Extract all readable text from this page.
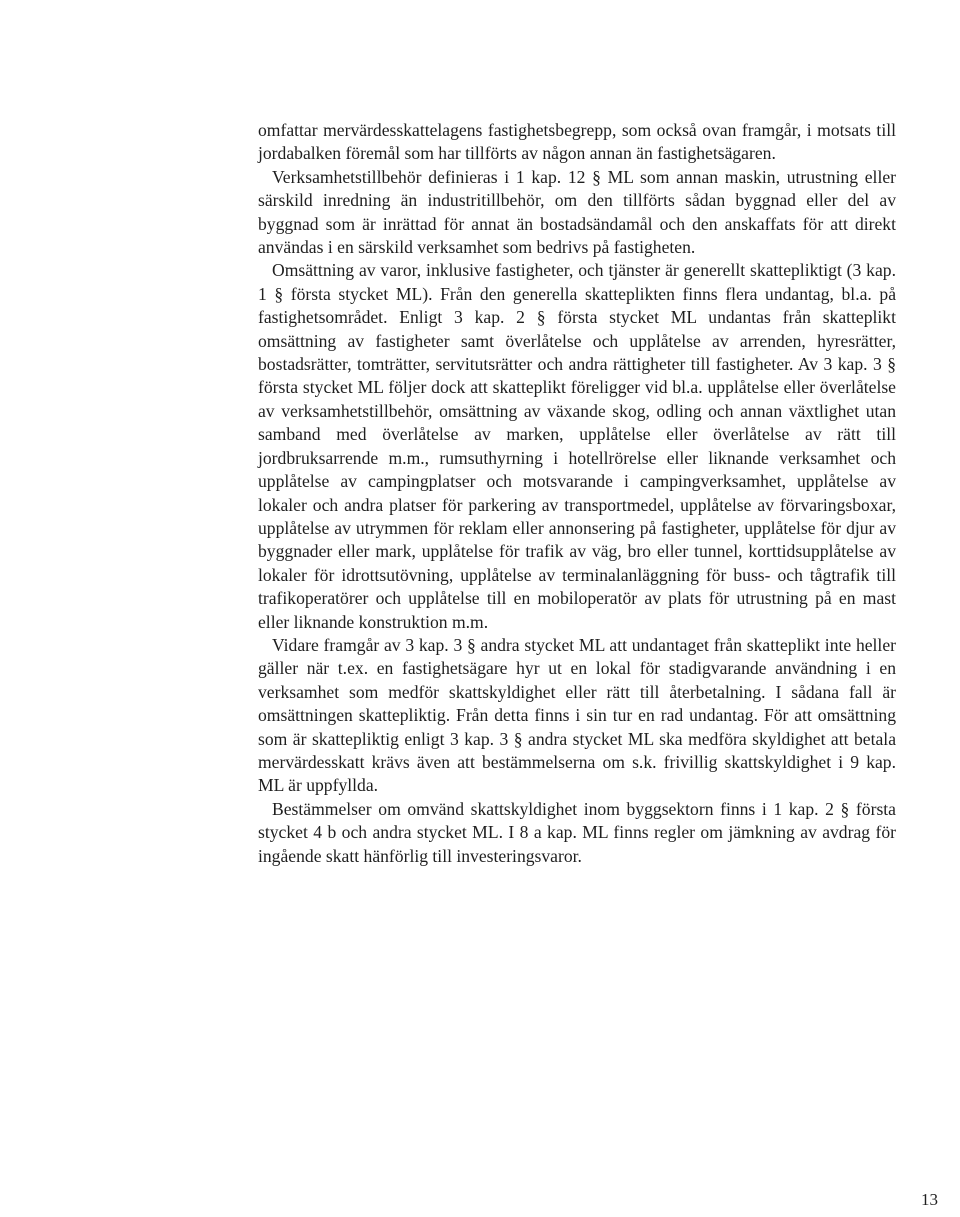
omfattar mervärdesskattelagens fastighetsbegrepp, som också ovan framgår, i motsats till jordabalken föremål som har tillförts av någon annan än fastighetsägaren.

Verksamhetstillbehör definieras i 1 kap. 12 § ML som annan maskin, utrustning eller särskild inredning än industritillbehör, om den tillförts sådan byggnad eller del av byggnad som är inrättad för annat än bostadsändamål och den anskaffats för att direkt användas i en särskild verksamhet som bedrivs på fastigheten.

Omsättning av varor, inklusive fastigheter, och tjänster är generellt skattepliktigt (3 kap. 1 § första stycket ML). Från den generella skatteplikten finns flera undantag, bl.a. på fastighetsområdet. Enligt 3 kap. 2 § första stycket ML undantas från skatteplikt omsättning av fastigheter samt överlåtelse och upplåtelse av arrenden, hyresrätter, bostadsrätter, tomträtter, servitutsrätter och andra rättigheter till fastigheter. Av 3 kap. 3 § första stycket ML följer dock att skatteplikt föreligger vid bl.a. upplåtelse eller överlåtelse av verksamhetstillbehör, omsättning av växande skog, odling och annan växtlighet utan samband med överlåtelse av marken, upplåtelse eller överlåtelse av rätt till jordbruksarrende m.m., rumsuthyrning i hotellrörelse eller liknande verksamhet och upplåtelse av campingplatser och motsvarande i campingverksamhet, upplåtelse av lokaler och andra platser för parkering av transportmedel, upplåtelse av förvaringsboxar, upplåtelse av utrymmen för reklam eller annonsering på fastigheter, upplåtelse för djur av byggnader eller mark, upplåtelse för trafik av väg, bro eller tunnel, korttidsupplåtelse av lokaler för idrottsutövning, upplåtelse av terminalanläggning för buss- och tågtrafik till trafikoperatörer och upplåtelse till en mobiloperatör av plats för utrustning på en mast eller liknande konstruktion m.m.

Vidare framgår av 3 kap. 3 § andra stycket ML att undantaget från skatteplikt inte heller gäller när t.ex. en fastighetsägare hyr ut en lokal för stadigvarande användning i en verksamhet som medför skattskyldighet eller rätt till återbetalning. I sådana fall är omsättningen skattepliktig. Från detta finns i sin tur en rad undantag. För att omsättning som är skattepliktig enligt 3 kap. 3 § andra stycket ML ska medföra skyldighet att betala mervärdesskatt krävs även att bestämmelserna om s.k. frivillig skattskyldighet i 9 kap. ML är uppfyllda.

Bestämmelser om omvänd skattskyldighet inom byggsektorn finns i 1 kap. 2 § första stycket 4 b och andra stycket ML. I 8 a kap. ML finns regler om jämkning av avdrag för ingående skatt hänförlig till investeringsvaror.

13
